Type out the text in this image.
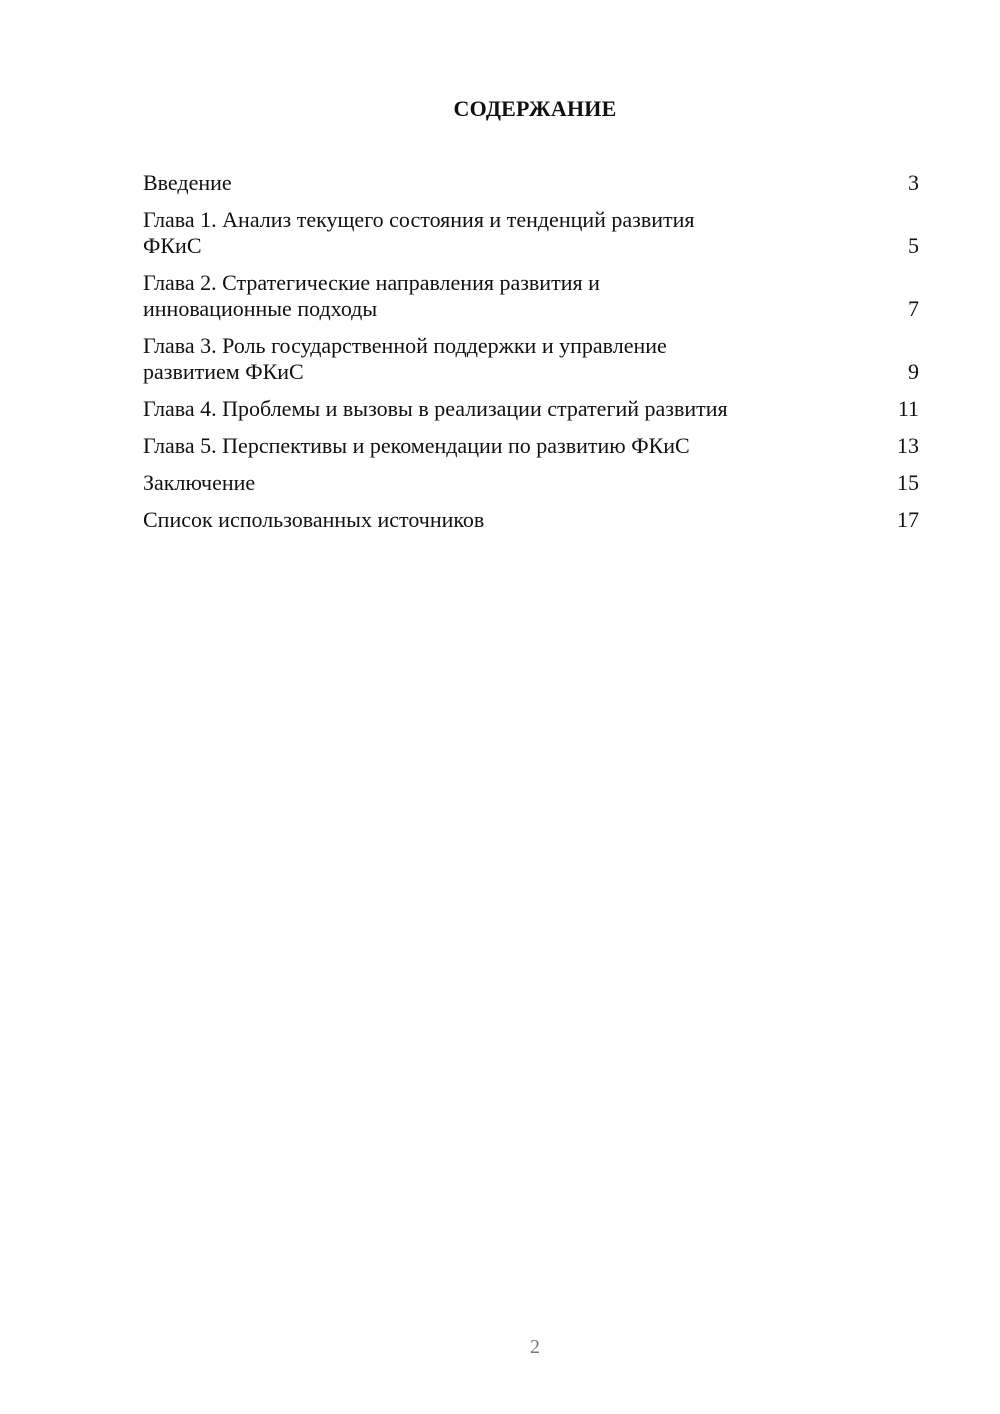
СОДЕРЖАНИЕ
Введение	3
Глава 1. Анализ текущего состояния и тенденций развития
ФКиС	5
Глава 2. Стратегические направления развития и
инновационные подходы	7
Глава 3. Роль государственной поддержки и управление
развитием ФКиС	9
Глава 4. Проблемы и вызовы в реализации стратегий развития	11
Глава 5. Перспективы и рекомендации по развитию ФКиС	13
Заключение	15
Список использованных источников	17
2
